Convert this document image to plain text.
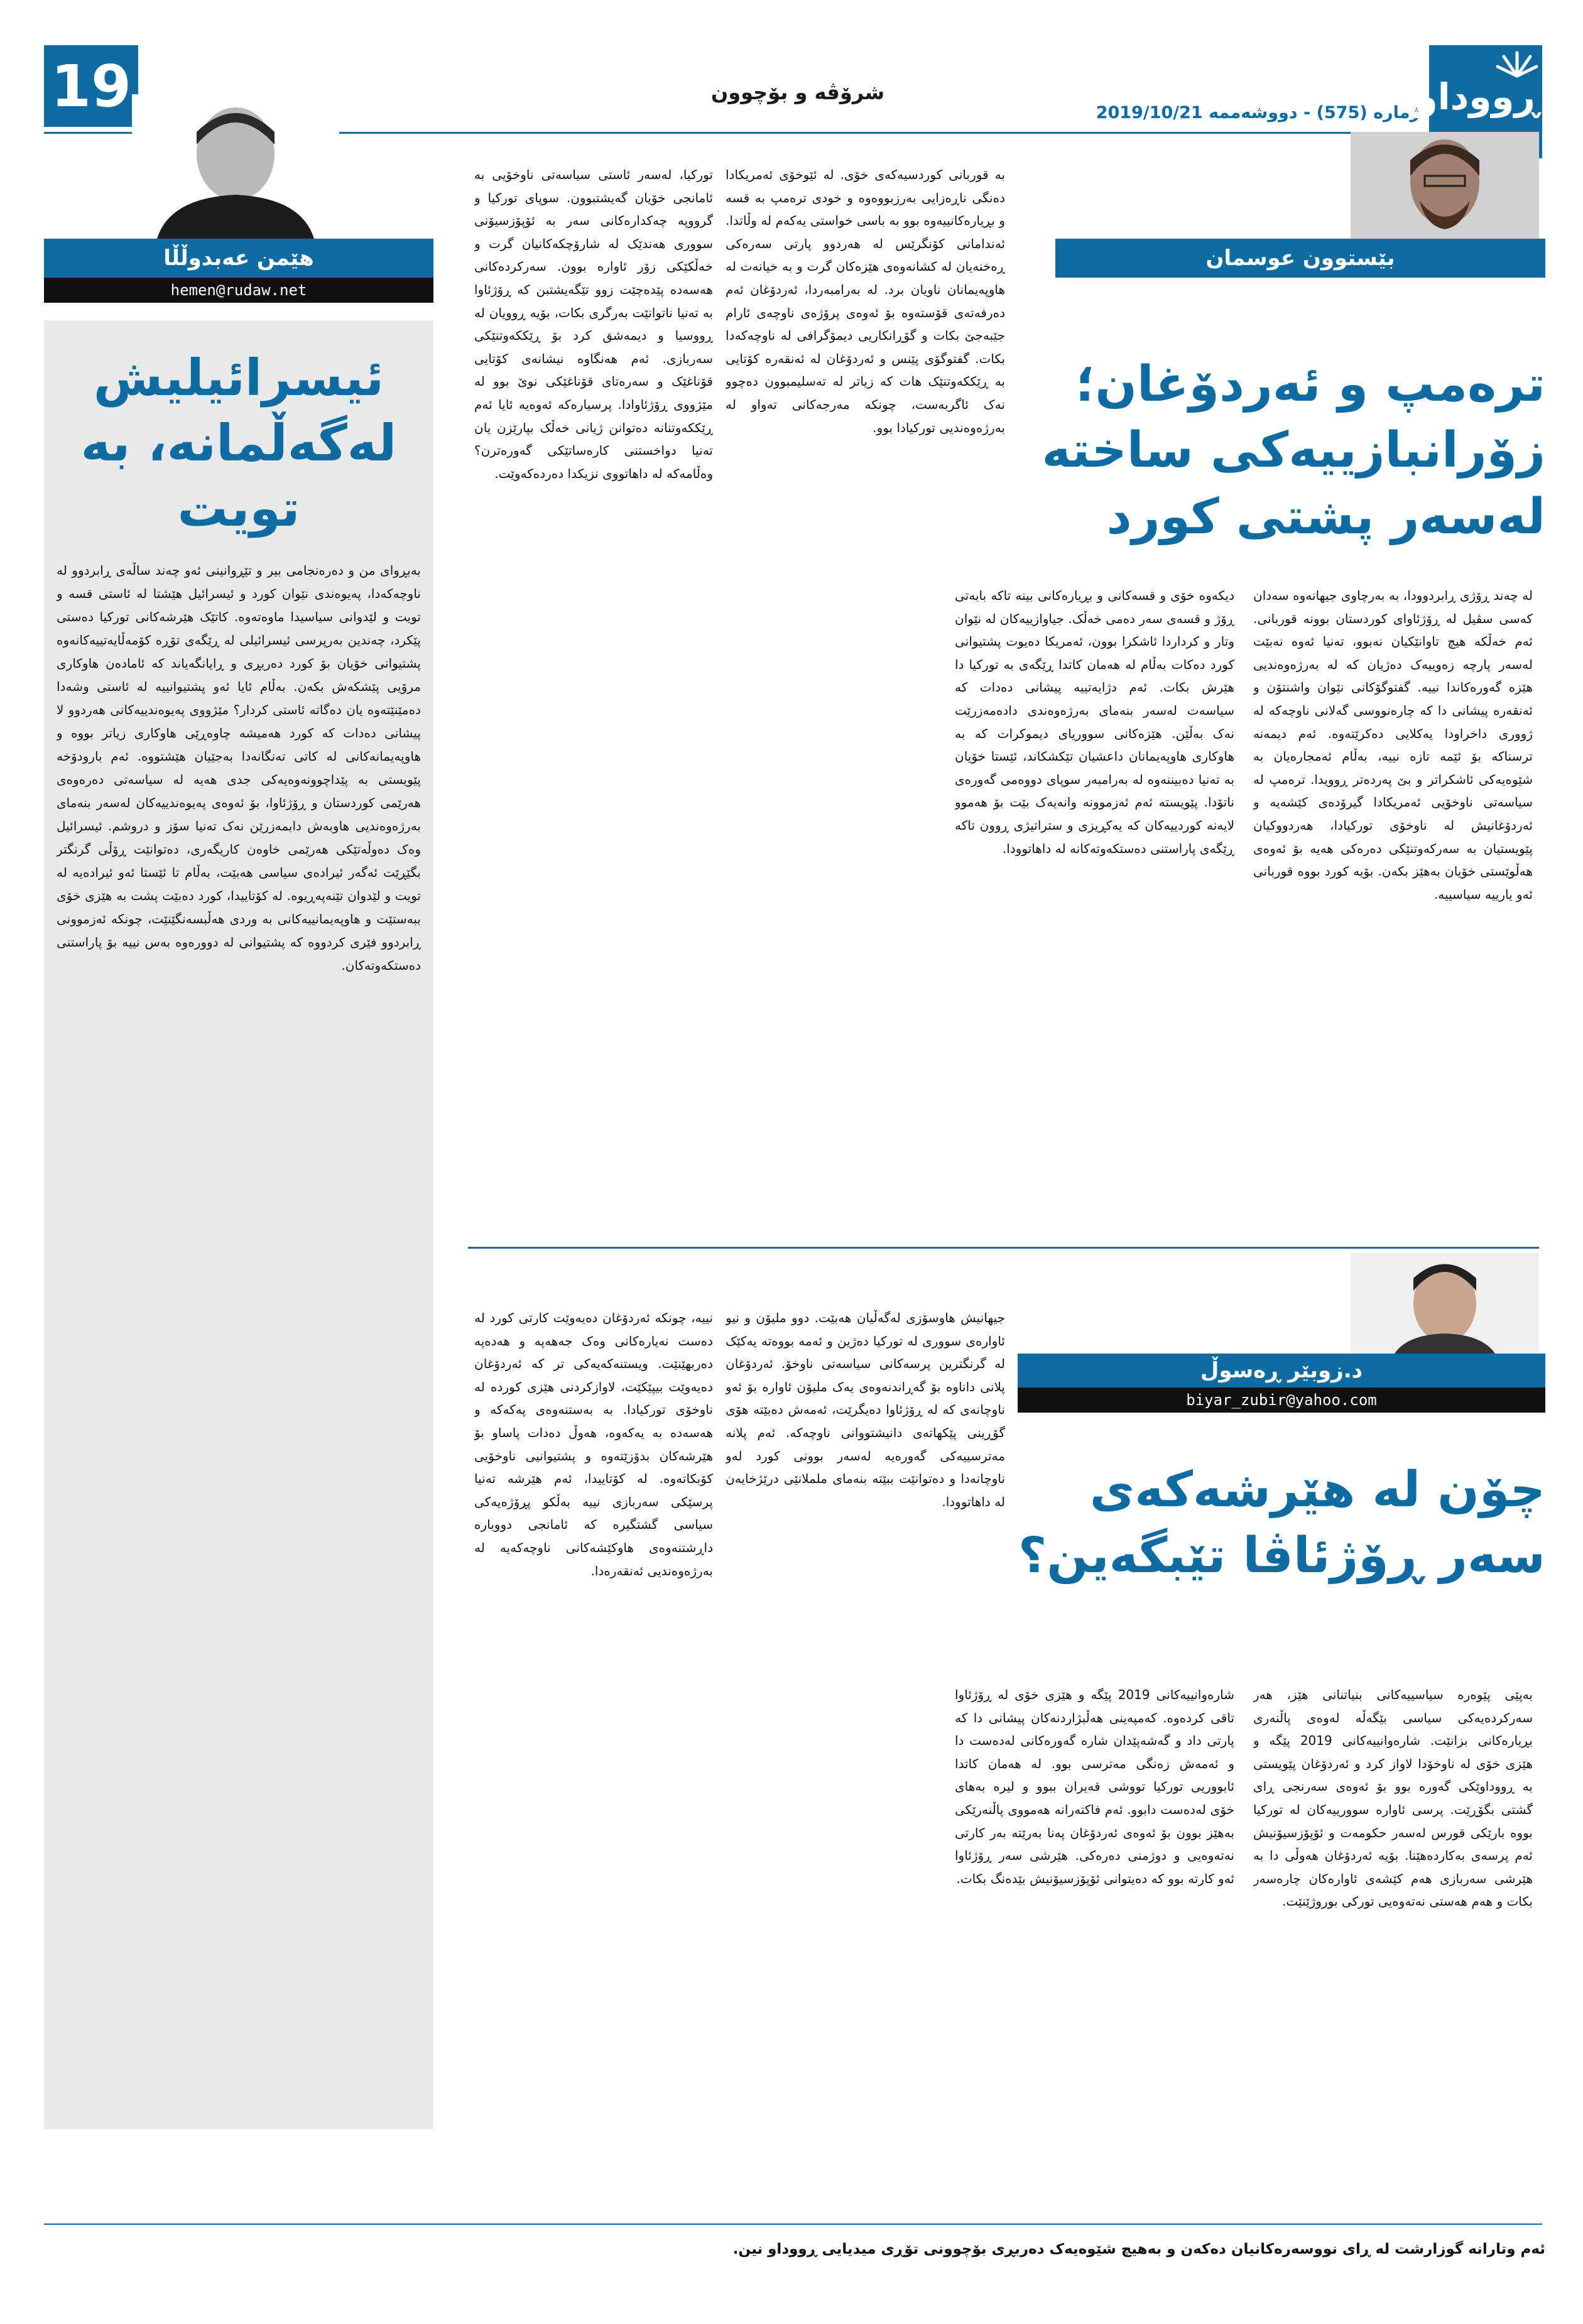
19	شرۆڤە و بۆچوون
ژمارە (575) - دووشەممە 2019/10/21
ڕووداو
هێمن عەبدوڵڵا
hemen@rudaw.net
ئیسرائیلیش لەگەڵمانە، بە تویت
بەبڕوای من و دەرەنجامی بیر و تێڕوانینی ئەو چەند ساڵەی ڕابردوو لە ناوچەکەدا، پەیوەندی نێوان کورد و ئیسرائیل هێشتا لە ئاستی قسە و تویت و لێدوانی سیاسیدا ماوەتەوە. کاتێک هێرشەکانی تورکیا دەستی پێکرد، چەندین بەرپرسی ئیسرائیلی لە ڕێگەی تۆڕە کۆمەڵایەتییەکانەوە پشتیوانی خۆیان بۆ کورد دەربڕی و ڕایانگەیاند کە ئامادەن هاوکاری مرۆیی پێشکەش بکەن. بەڵام ئایا ئەو پشتیوانییە لە ئاستی وشەدا دەمێنێتەوە یان دەگاتە ئاستی کردار؟ مێژووی پەیوەندییەکانی هەردوو لا پیشانی دەدات کە کورد هەمیشە چاوەڕێی هاوکاری زیاتر بووە و هاوپەیمانەکانی لە کاتی تەنگانەدا بەجێیان هێشتووە. ئەم بارودۆخە پێویستی بە پێداچوونەوەیەکی جدی هەیە لە سیاسەتی دەرەوەی هەرێمی کوردستان و ڕۆژئاوا، بۆ ئەوەی پەیوەندییەکان لەسەر بنەمای بەرژەوەندیی هاوبەش دابمەزرێن نەک تەنیا سۆز و دروشم. ئیسرائیل وەک دەوڵەتێکی هەرێمی خاوەن کاریگەری، دەتوانێت ڕۆڵی گرنگتر بگێڕێت ئەگەر ئیرادەی سیاسی هەبێت، بەڵام تا ئێستا ئەو ئیرادەیە لە تویت و لێدوان تێنەپەڕیوە. لە کۆتاییدا، کورد دەبێت پشت بە هێزی خۆی ببەستێت و هاوپەیمانییەکانی بە وردی هەڵبسەنگێنێت، چونکە ئەزموونی ڕابردوو فێری کردووە کە پشتیوانی لە دوورەوە بەس نییە بۆ پاراستنی دەستکەوتەکان.
بێستوون عوسمان
ترەمپ و ئەردۆغان؛ زۆرانبازییەکی ساختە لەسەر پشتی کورد
لە چەند ڕۆژی ڕابردوودا، بە بەرچاوی جیهانەوە سەدان کەسی سڤیل لە ڕۆژئاوای کوردستان بوونە قوربانی. ئەم خەڵکە هیچ تاوانێکیان نەبوو، تەنیا ئەوە نەبێت لەسەر پارچە زەوییەک دەژیان کە لە بەرژەوەندیی هێزە گەورەکاندا نییە. گفتوگۆکانی نێوان واشنتۆن و ئەنقەرە پیشانی دا کە چارەنووسی گەلانی ناوچەکە لە ژووری داخراودا یەکلایی دەکرێتەوە. ئەم دیمەنە ترسناکە بۆ ئێمە تازە نییە، بەڵام ئەمجارەیان بە شێوەیەکی ئاشکراتر و بێ پەردەتر ڕوویدا. ترەمپ لە سیاسەتی ناوخۆیی ئەمریکادا گیرۆدەی کێشەیە و ئەردۆغانیش لە ناوخۆی تورکیادا، هەردووکیان پێویستیان بە سەرکەوتنێکی دەرەکی هەیە بۆ ئەوەی هەڵوێستی خۆیان بەهێز بکەن. بۆیە کورد بووە قوربانی ئەو یارییە سیاسییە.
دیکەوە خۆی و قسەکانی و بڕیارەکانی بینە تاکە بابەتی ڕۆژ و قسەی سەر دەمی خەڵک. جیاوازییەکان لە نێوان وتار و کرداردا ئاشکرا بوون، ئەمریکا دەیوت پشتیوانی کورد دەکات بەڵام لە هەمان کاتدا ڕێگەی بە تورکیا دا هێرش بکات. ئەم دژایەتییە پیشانی دەدات کە سیاسەت لەسەر بنەمای بەرژەوەندی دادەمەزرێت نەک بەڵێن. هێزەکانی سووریای دیموکرات کە بە هاوکاری هاوپەیمانان داعشیان تێکشکاند، ئێستا خۆیان بە تەنیا دەبیننەوە لە بەرامبەر سوپای دووەمی گەورەی ناتۆدا. پێویستە ئەم ئەزموونە وانەیەک بێت بۆ هەموو لایەنە کوردییەکان کە یەکڕیزی و ستراتیژی ڕوون تاکە ڕێگەی پاراستنی دەستکەوتەکانە لە داهاتوودا.
بە قوربانی کوردسیەکەی خۆی. لە ئێوخۆی ئەمریکادا دەنگی ناڕەزایی بەرزبووەوە و خودی ترەمپ بە قسە و بڕیارەکانییەوە بوو بە باسی خواستی یەکەم لە وڵاتدا. ئەندامانی کۆنگرێس لە هەردوو پارتی سەرەکی ڕەخنەیان لە کشانەوەی هێزەکان گرت و بە خیانەت لە هاوپەیمانان ناویان برد. لە بەرامبەردا، ئەردۆغان ئەم دەرفەتەی قۆستەوە بۆ ئەوەی پرۆژەی ناوچەی ئارام جێبەجێ بکات و گۆڕانکاریی دیمۆگرافی لە ناوچەکەدا بکات. گفتوگۆی پێنس و ئەردۆغان لە ئەنقەرە کۆتایی بە ڕێککەوتنێک هات کە زیاتر لە تەسلیمبوون دەچوو نەک ئاگربەست، چونکە مەرجەکانی تەواو لە بەرژەوەندیی تورکیادا بوو.
تورکیا، لەسەر ئاستی سیاسەتی ناوخۆیی بە ئامانجی خۆیان گەیشتبوون. سوپای تورکیا و گرووپە چەکدارەکانی سەر بە ئۆپۆزسیۆنی سووری هەندێک لە شارۆچکەکانیان گرت و خەڵکێکی زۆر ئاوارە بوون. سەرکردەکانی هەسەدە پێدەچێت زوو تێگەیشتبن کە ڕۆژئاوا بە تەنیا ناتوانێت بەرگری بکات، بۆیە ڕوویان لە ڕووسیا و دیمەشق کرد بۆ ڕێککەوتنێکی سەربازی. ئەم هەنگاوە نیشانەی کۆتایی قۆناغێک و سەرەتای قۆناغێکی نوێ بوو لە مێژووی ڕۆژئاوادا. پرسیارەکە ئەوەیە ئایا ئەم ڕێککەوتنانە دەتوانن ژیانی خەڵک بپارێزن یان تەنیا دواخستنی کارەساتێکی گەورەترن؟ وەڵامەکە لە داهاتووی نزیکدا دەردەکەوێت.
د.زوبێر ڕەسوڵ
biyar_zubir@yahoo.com
چۆن لە هێرشەکەی سەر ڕۆژئاڤا تێبگەین؟
بەپێی پێوەرە سیاسییەکانی بنیاتنانی هێز، هەر سەرکردەیەکی سیاسی بێگەڵە لەوەی پاڵنەری بڕیارەکانی بزانێت. شارەوانییەکانی 2019 پێگە و هێزی خۆی لە ناوخۆدا لاواز کرد و ئەردۆغان پێویستی بە ڕووداوێکی گەورە بوو بۆ ئەوەی سەرنجی ڕای گشتی بگۆڕێت. پرسی ئاوارە سوورییەکان لە تورکیا بووە بارێکی قورس لەسەر حکومەت و ئۆپۆزسیۆنیش ئەم پرسەی بەکاردەهێنا. بۆیە ئەردۆغان هەوڵی دا بە هێرشی سەربازی هەم کێشەی ئاوارەکان چارەسەر بکات و هەم هەستی نەتەوەیی تورکی بوروژێنێت.
شارەوانییەکانی 2019 پێگە و هێزی خۆی لە ڕۆژئاوا تاقی کردەوە. کەمپەینی هەڵبژاردنەکان پیشانی دا کە پارتی داد و گەشەپێدان شارە گەورەکانی لەدەست دا و ئەمەش زەنگی مەترسی بوو. لە هەمان کاتدا ئابووریی تورکیا تووشی قەیران ببوو و لیرە بەهای خۆی لەدەست دابوو. ئەم فاکتەرانە هەمووی پاڵنەرێکی بەهێز بوون بۆ ئەوەی ئەردۆغان پەنا بەرێتە بەر کارتی نەتەوەیی و دوژمنی دەرەکی. هێرشی سەر ڕۆژئاوا ئەو کارتە بوو کە دەیتوانی ئۆپۆزسیۆنیش بێدەنگ بکات.
جیهانیش هاوسۆزی لەگەڵیان هەبێت. دوو ملیۆن و نیو ئاوارەی سووری لە تورکیا دەژین و ئەمە بووەتە یەکێک لە گرنگترین پرسەکانی سیاسەتی ناوخۆ. ئەردۆغان پلانی داناوە بۆ گەڕاندنەوەی یەک ملیۆن ئاوارە بۆ ئەو ناوچانەی کە لە ڕۆژئاوا دەیگرێت، ئەمەش دەبێتە هۆی گۆڕینی پێکهاتەی دانیشتووانی ناوچەکە. ئەم پلانە مەترسییەکی گەورەیە لەسەر بوونی کورد لەو ناوچانەدا و دەتوانێت ببێتە بنەمای ململانێی درێژخایەن لە داهاتوودا.
نییە، چونکە ئەردۆغان دەیەوێت کارتی کورد لە دەست نەیارەکانی وەک جەهەپە و هەدەپە دەربهێنێت. ویستنەکەیەکی تر کە ئەردۆغان دەیەوێت بیپێکێت، لاوازکردنی هێزی کوردە لە ناوخۆی تورکیادا. بە بەستنەوەی پەکەکە و هەسەدە بە یەکەوە، هەوڵ دەدات پاساو بۆ هێرشەکان بدۆزێتەوە و پشتیوانیی ناوخۆیی کۆبکاتەوە. لە کۆتاییدا، ئەم هێرشە تەنیا پرسێکی سەربازی نییە بەڵکو پڕۆژەیەکی سیاسی گشتگیرە کە ئامانجی دووبارە داڕشتنەوەی هاوکێشەکانی ناوچەکەیە لە بەرژەوەندیی ئەنقەرەدا.
ئەم وتارانە گوزارشت لە ڕای نووسەرەکانیان دەکەن و بەهیچ شێوەیەک دەربڕی بۆچوونی تۆڕی میدیایی ڕووداو نین.
